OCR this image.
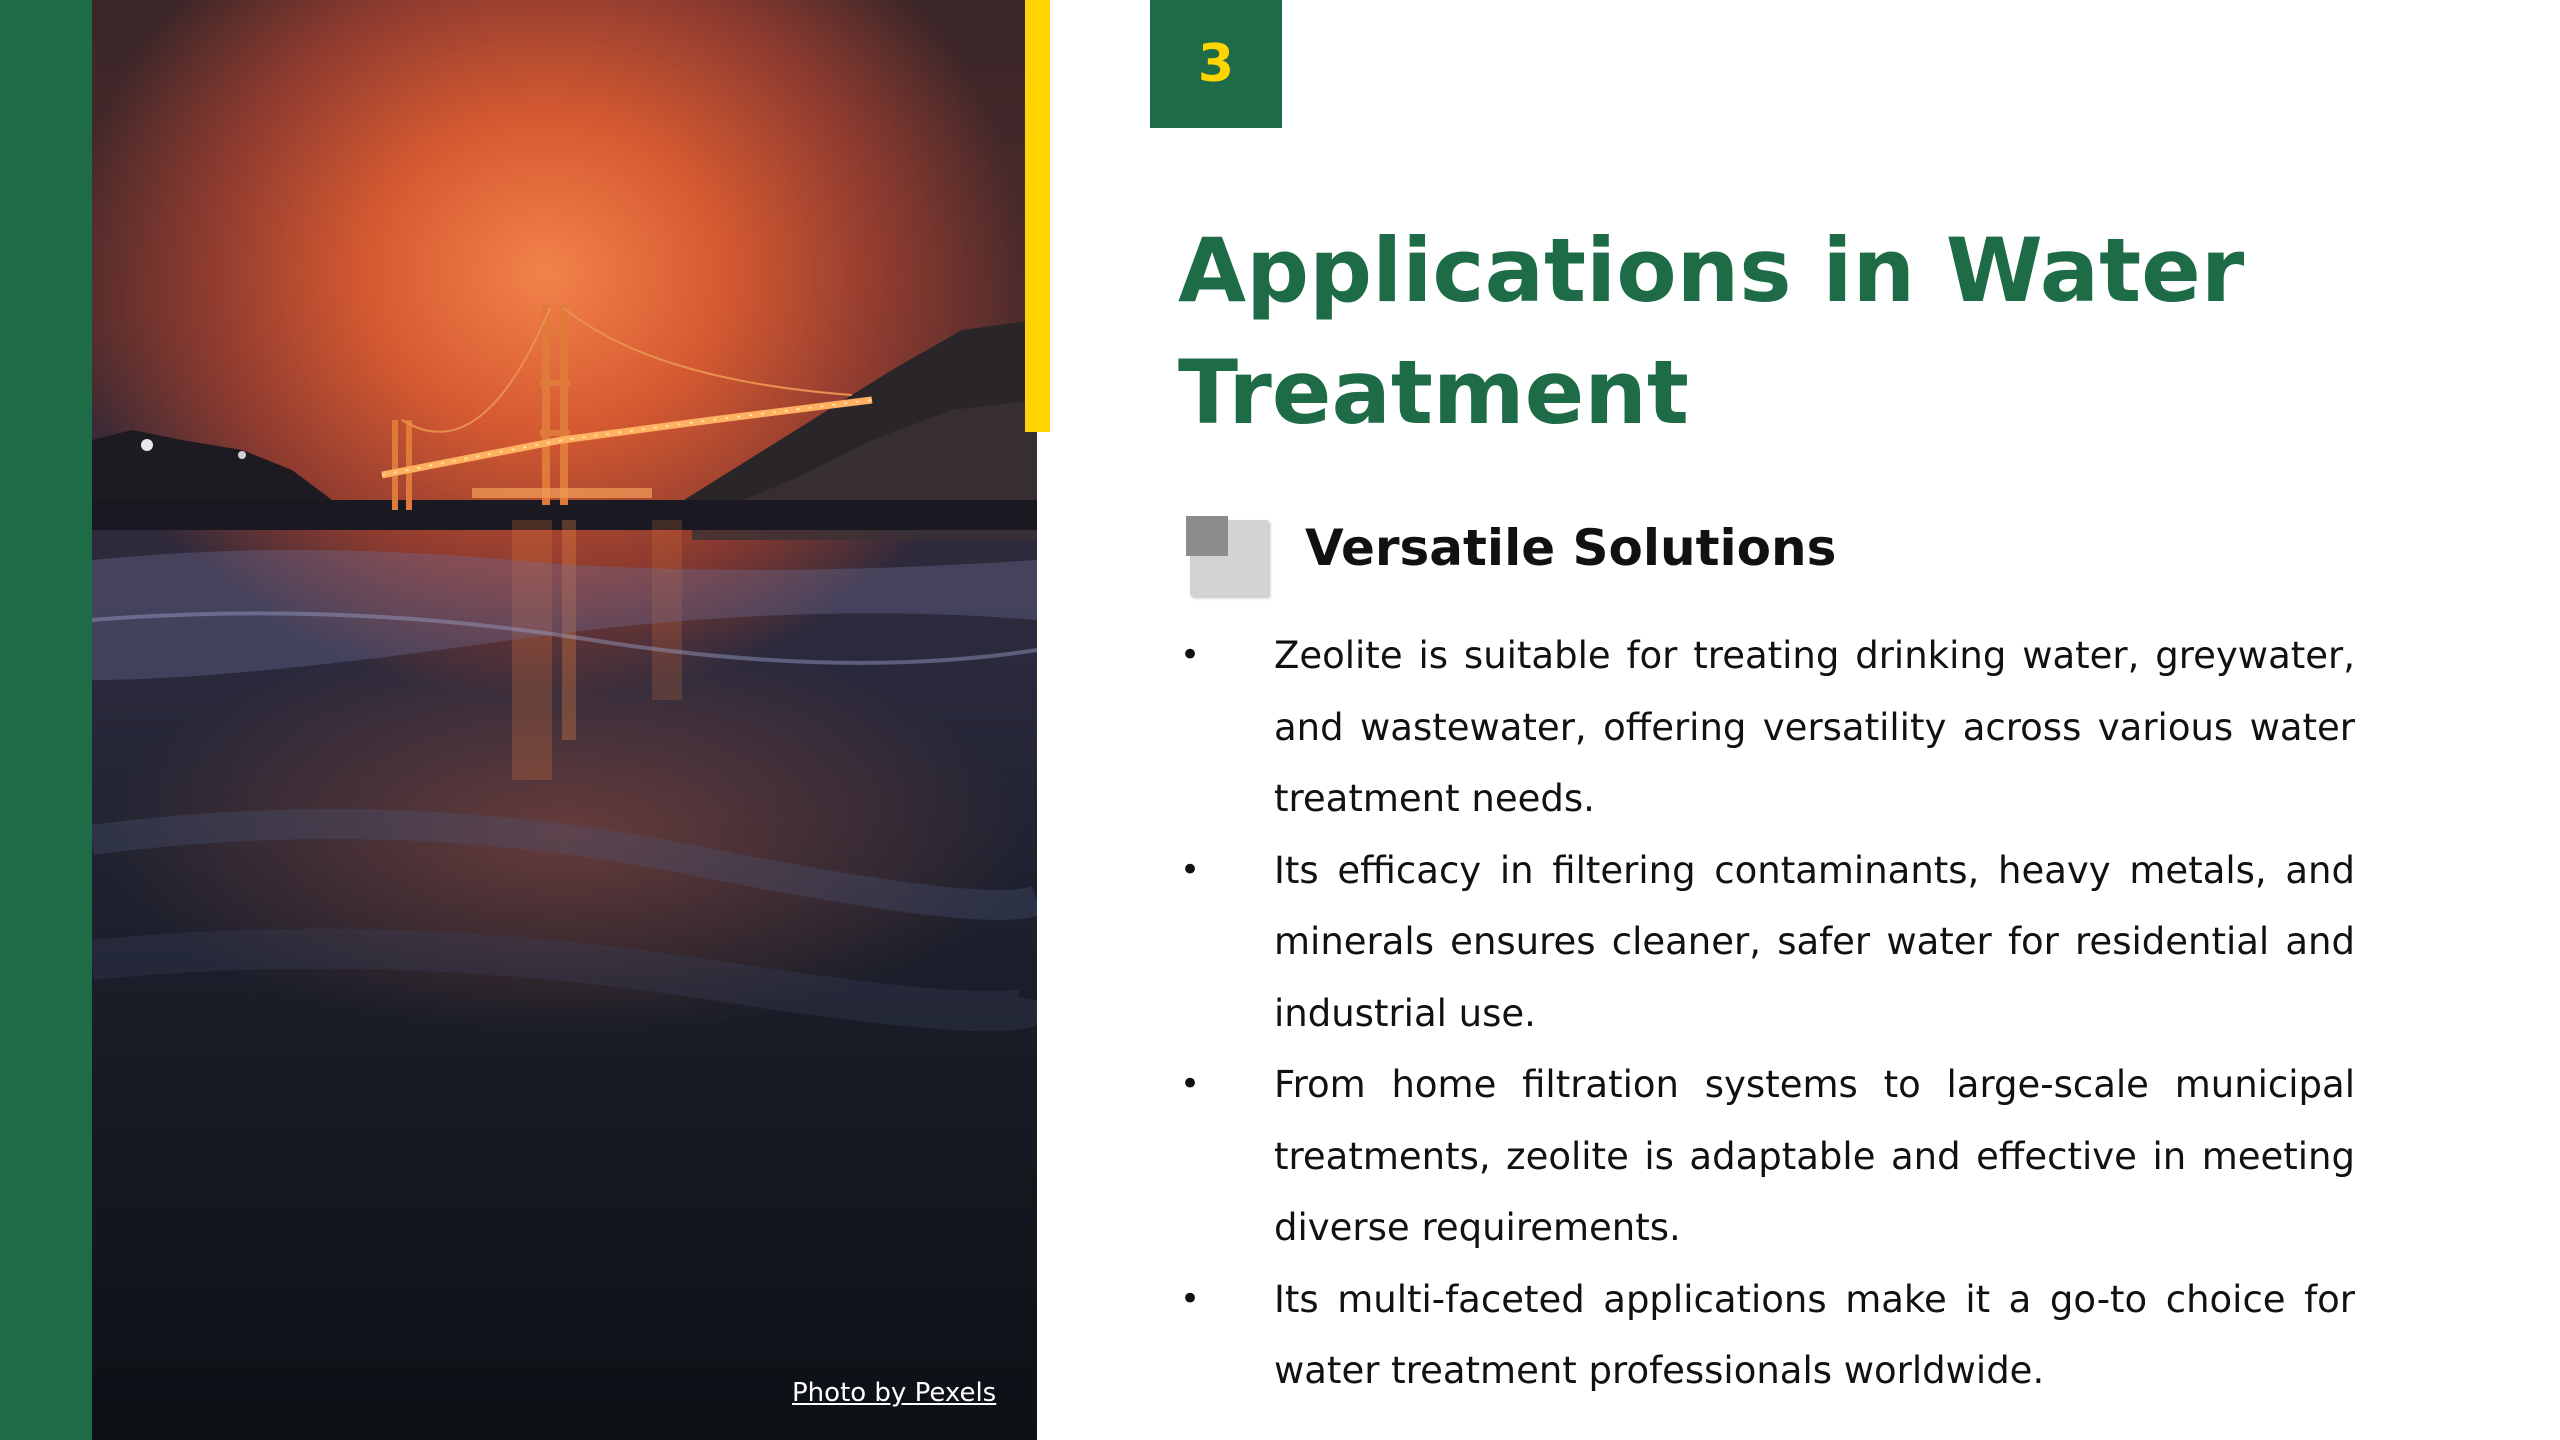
Photo by Pexels
3
Applications in Water Treatment
Versatile Solutions
• Zeolite is suitable for treating drinking water, greywater, and wastewater, offering versatility across various water treatment needs.
• Its efficacy in filtering contaminants, heavy metals, and minerals ensures cleaner, safer water for residential and industrial use.
• From home filtration systems to large-scale municipal treatments, zeolite is adaptable and effective in meeting diverse requirements.
• Its multi-faceted applications make it a go-to choice for water treatment professionals worldwide.
